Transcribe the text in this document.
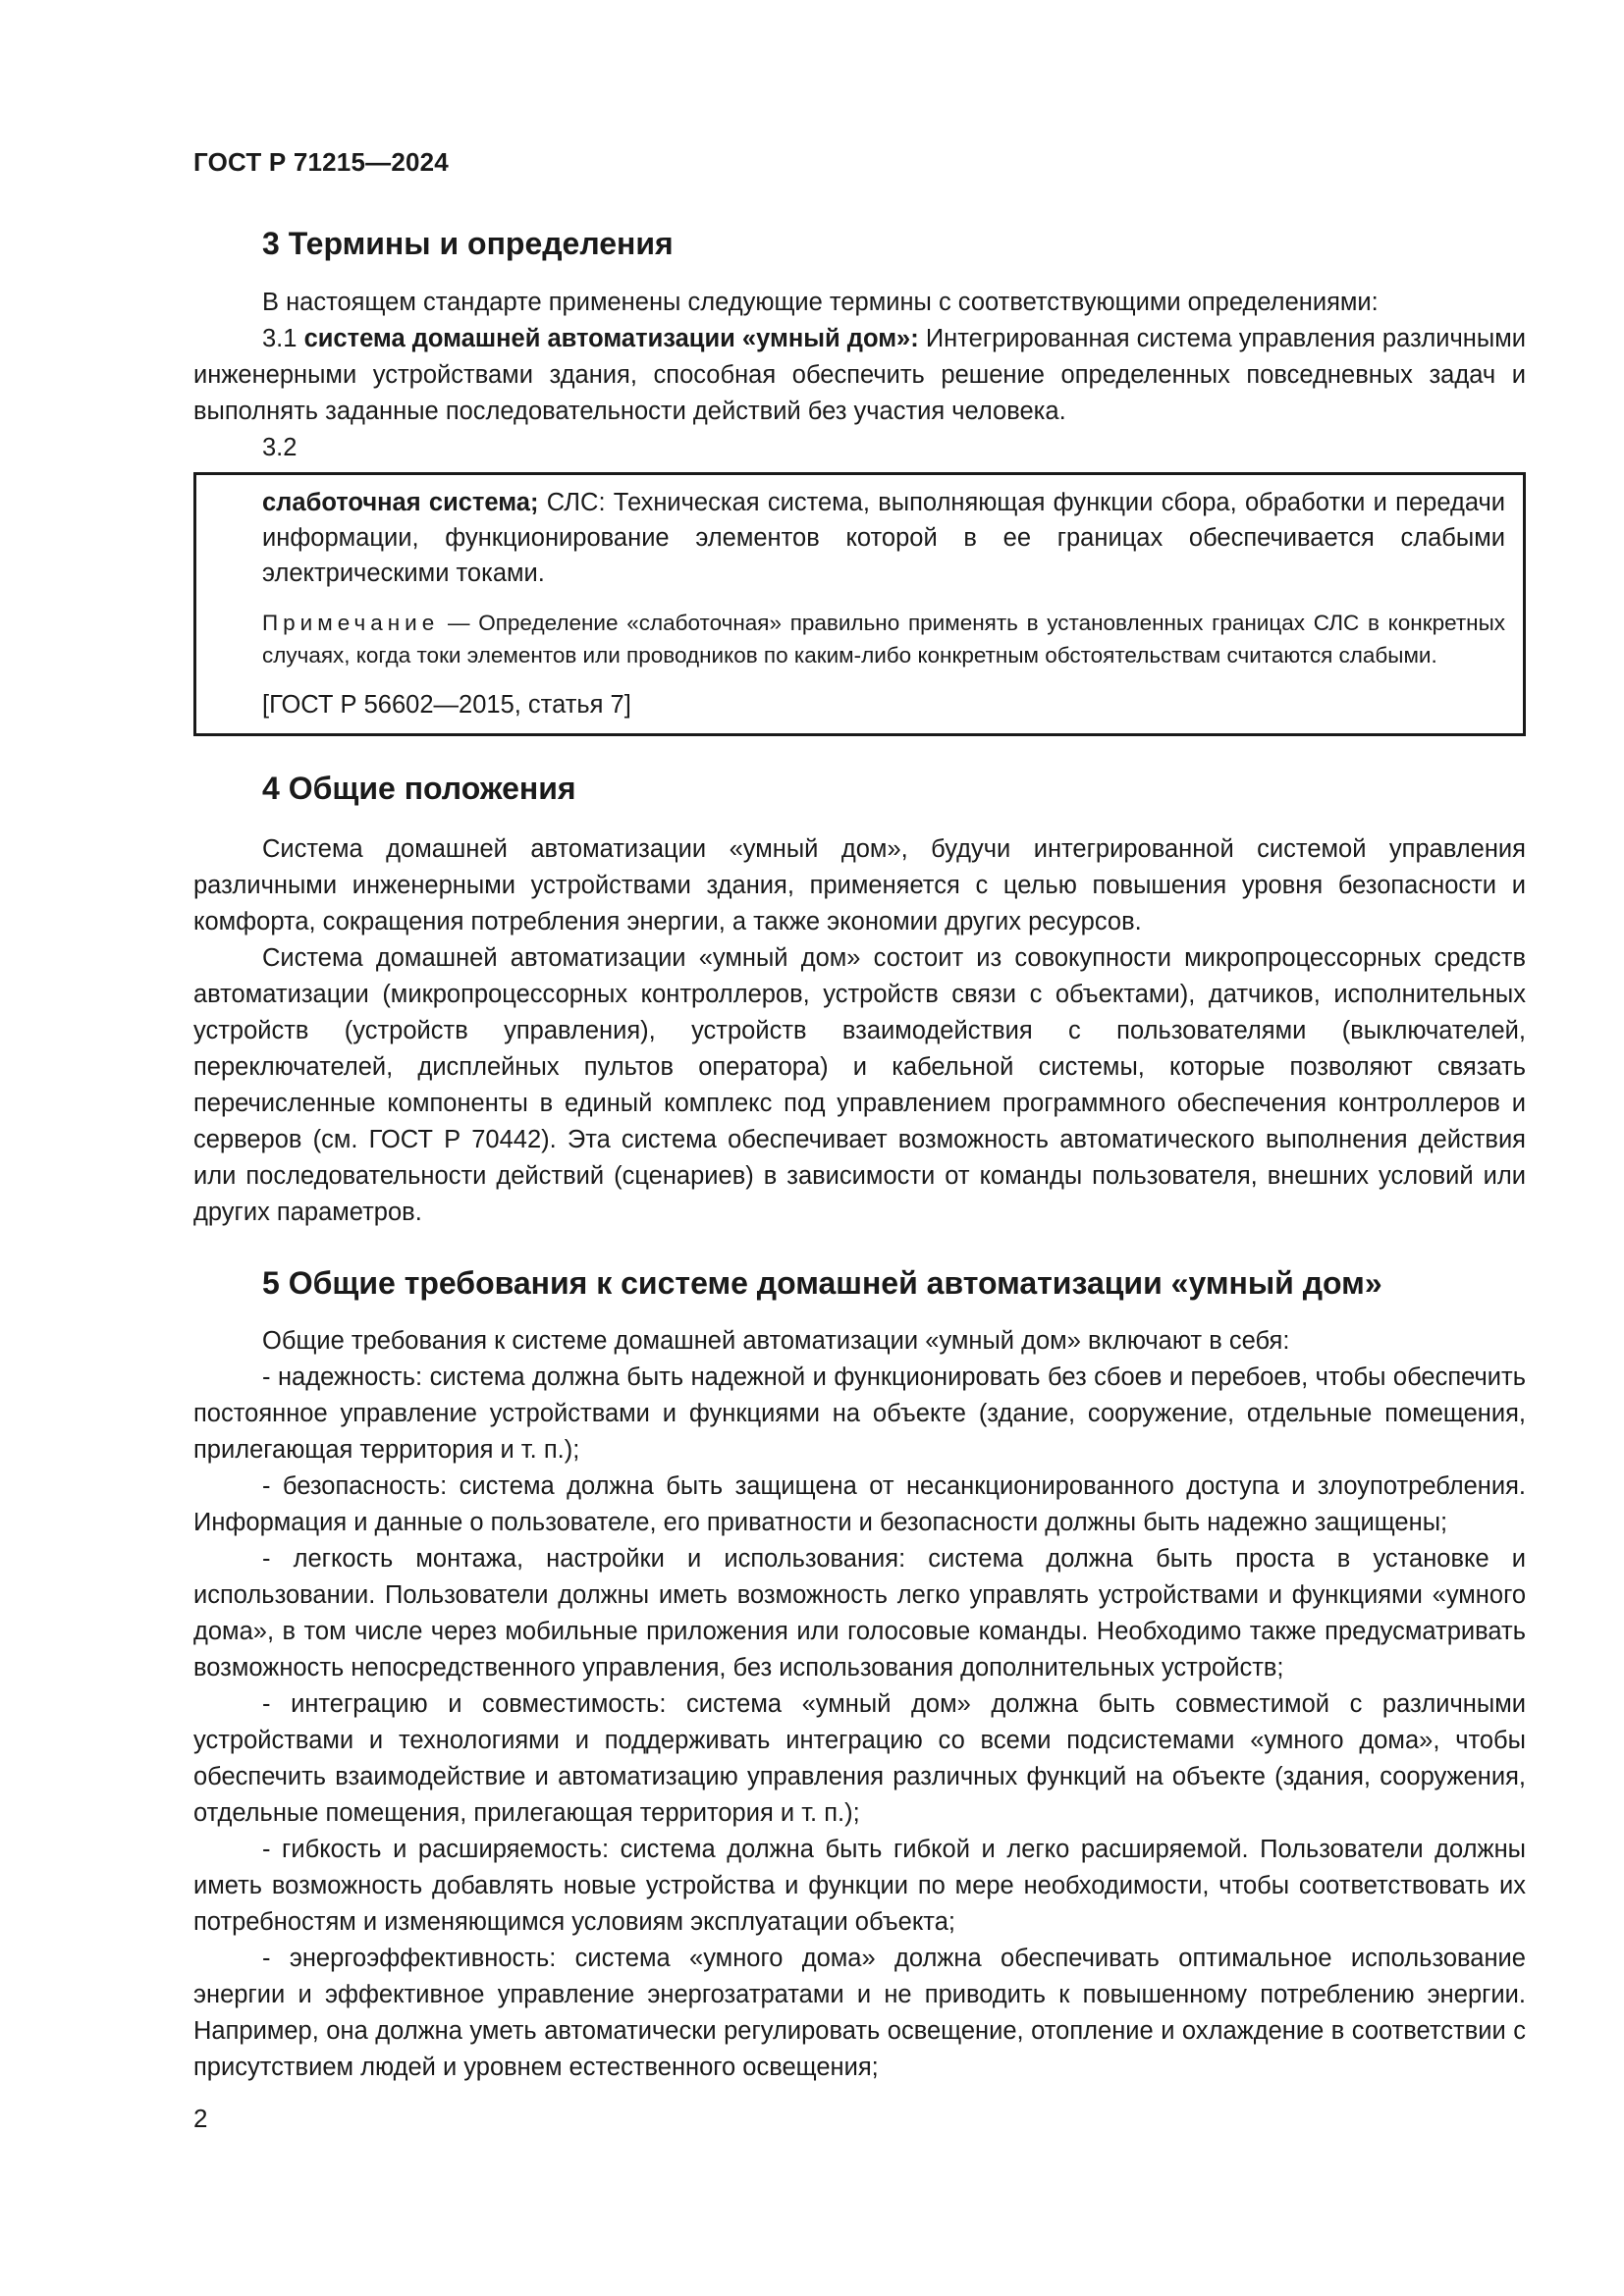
ГОСТ Р 71215—2024
3 Термины и определения

В настоящем стандарте применены следующие термины с соответствующими определениями:

3.1 система домашней автоматизации «умный дом»: Интегрированная система управления различными инженерными устройствами здания, способная обеспечить решение определенных повседневных задач и выполнять заданные последовательности действий без участия человека.

3.2

слаботочная система; СЛС: Техническая система, выполняющая функции сбора, обработки и передачи информации, функционирование элементов которой в ее границах обеспечивается слабыми электрическими токами.

Примечание — Определение «слаботочная» правильно применять в установленных границах СЛС в конкретных случаях, когда токи элементов или проводников по каким-либо конкретным обстоятельствам считаются слабыми.

[ГОСТ Р 56602—2015, статья 7]

4 Общие положения

Система домашней автоматизации «умный дом», будучи интегрированной системой управления различными инженерными устройствами здания, применяется с целью повышения уровня безопасности и комфорта, сокращения потребления энергии, а также экономии других ресурсов.

Система домашней автоматизации «умный дом» состоит из совокупности микропроцессорных средств автоматизации (микропроцессорных контроллеров, устройств связи с объектами), датчиков, исполнительных устройств (устройств управления), устройств взаимодействия с пользователями (выключателей, переключателей, дисплейных пультов оператора) и кабельной системы, которые позволяют связать перечисленные компоненты в единый комплекс под управлением программного обеспечения контроллеров и серверов (см. ГОСТ Р 70442). Эта система обеспечивает возможность автоматического выполнения действия или последовательности действий (сценариев) в зависимости от команды пользователя, внешних условий или других параметров.

5 Общие требования к системе домашней автоматизации «умный дом»

Общие требования к системе домашней автоматизации «умный дом» включают в себя:

- надежность: система должна быть надежной и функционировать без сбоев и перебоев, чтобы обеспечить постоянное управление устройствами и функциями на объекте (здание, сооружение, отдельные помещения, прилегающая территория и т. п.);

- безопасность: система должна быть защищена от несанкционированного доступа и злоупотребления. Информация и данные о пользователе, его приватности и безопасности должны быть надежно защищены;

- легкость монтажа, настройки и использования: система должна быть проста в установке и использовании. Пользователи должны иметь возможность легко управлять устройствами и функциями «умного дома», в том числе через мобильные приложения или голосовые команды. Необходимо также предусматривать возможность непосредственного управления, без использования дополнительных устройств;

- интеграцию и совместимость: система «умный дом» должна быть совместимой с различными устройствами и технологиями и поддерживать интеграцию со всеми подсистемами «умного дома», чтобы обеспечить взаимодействие и автоматизацию управления различных функций на объекте (здания, сооружения, отдельные помещения, прилегающая территория и т. п.);

- гибкость и расширяемость: система должна быть гибкой и легко расширяемой. Пользователи должны иметь возможность добавлять новые устройства и функции по мере необходимости, чтобы соответствовать их потребностям и изменяющимся условиям эксплуатации объекта;

- энергоэффективность: система «умного дома» должна обеспечивать оптимальное использование энергии и эффективное управление энергозатратами и не приводить к повышенному потреблению энергии. Например, она должна уметь автоматически регулировать освещение, отопление и охлаждение в соответствии с присутствием людей и уровнем естественного освещения;

2
